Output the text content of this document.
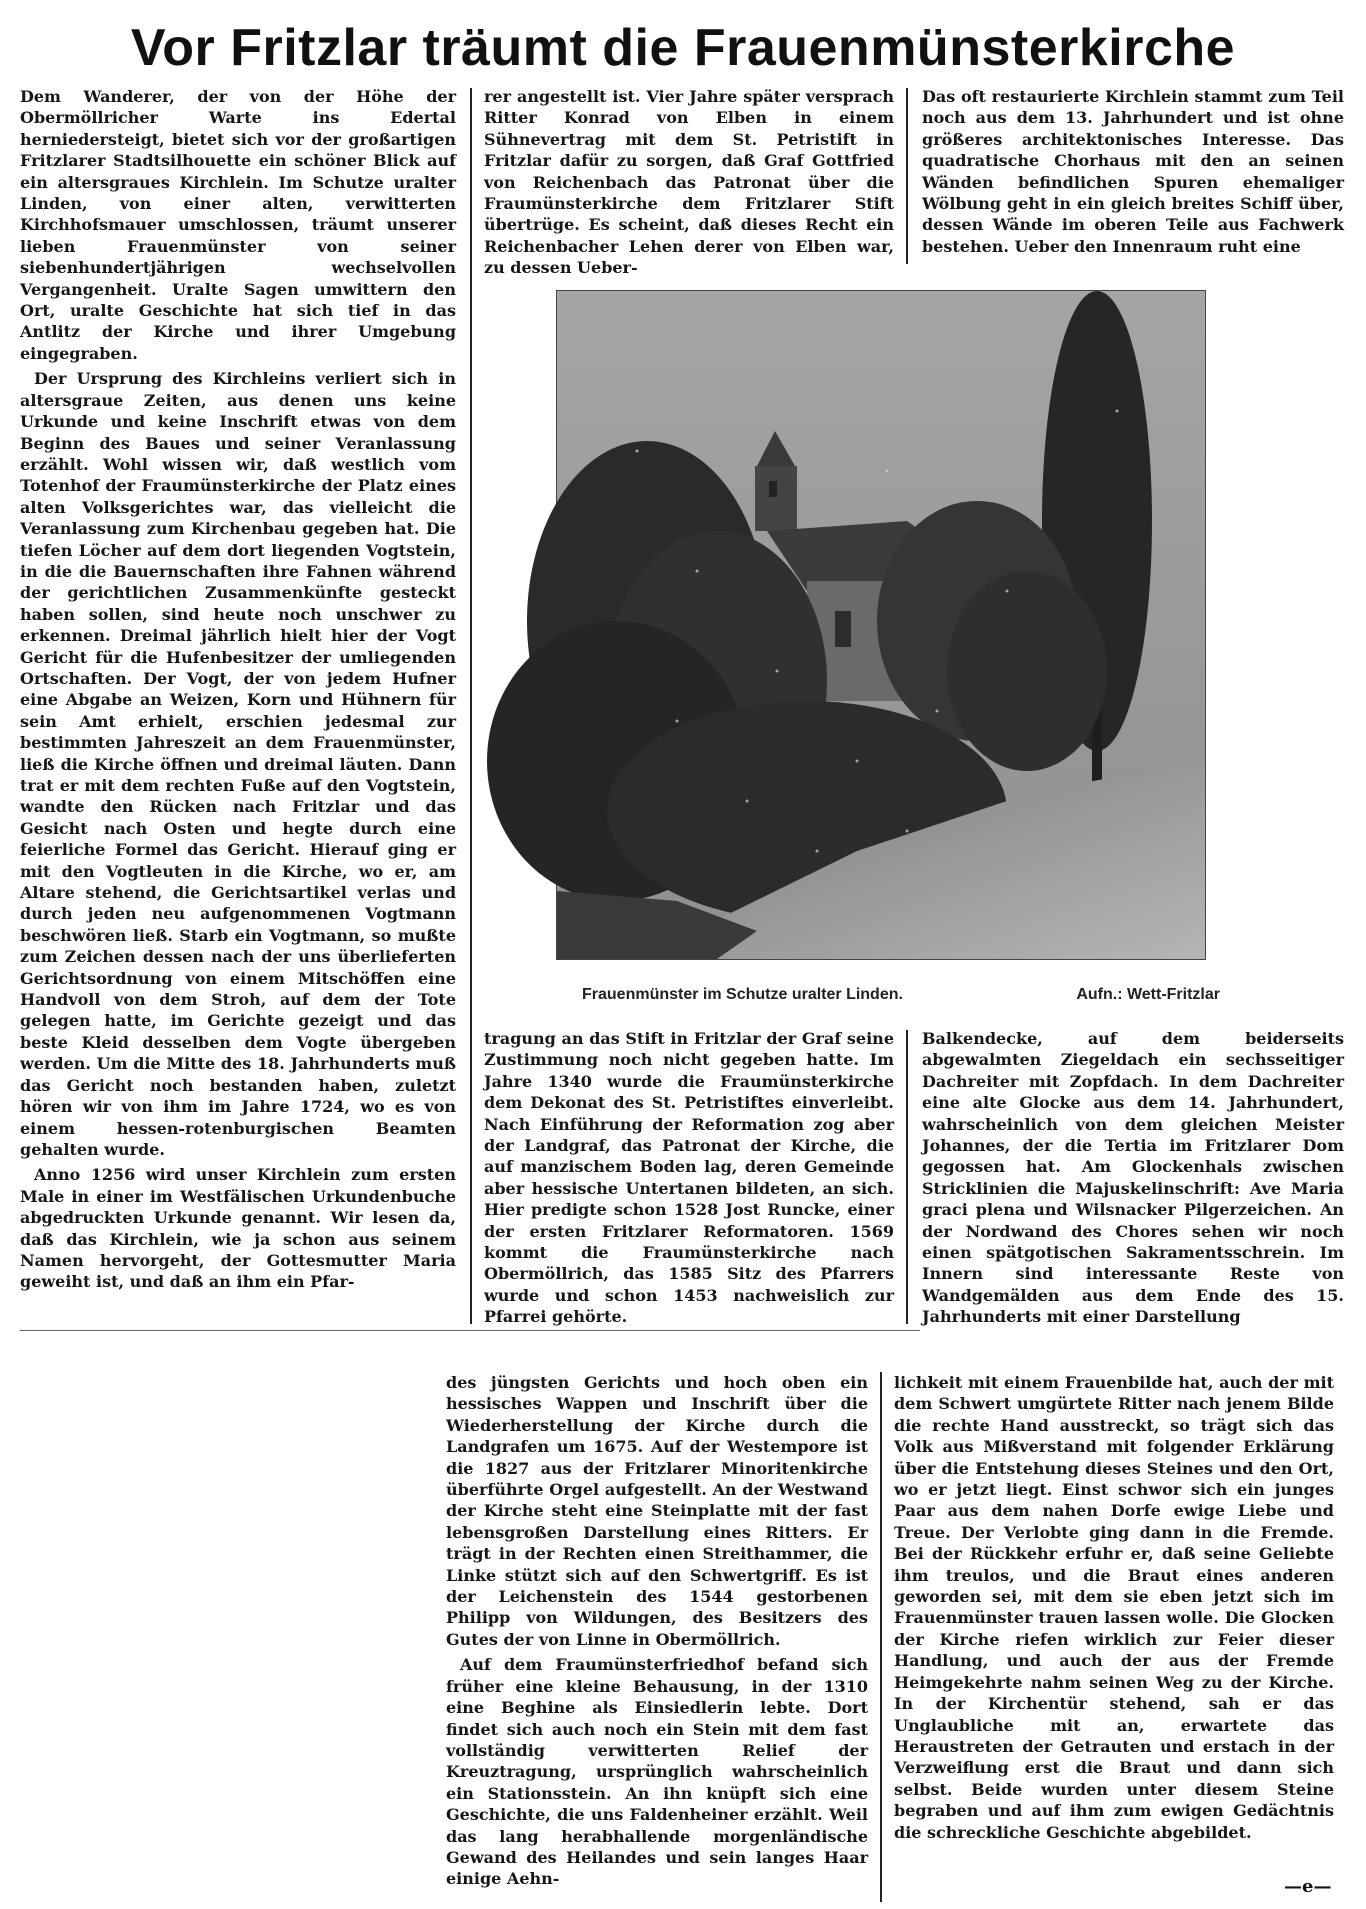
Vor Fritzlar träumt die Frauenmünsterkirche

Dem Wanderer, der von der Höhe der Obermöllricher Warte ins Edertal herniedersteigt, bietet sich vor der großartigen Fritzlarer Stadtsilhouette ein schöner Blick auf ein altersgraues Kirchlein. Im Schutze uralter Linden, von einer alten, verwitterten Kirchhofsmauer umschlossen, träumt unserer lieben Frauenmünster von seiner siebenhundertjährigen wechselvollen Vergangenheit. Uralte Sagen umwittern den Ort, uralte Geschichte hat sich tief in das Antlitz der Kirche und ihrer Umgebung eingegraben.

Der Ursprung des Kirchleins verliert sich in altersgraue Zeiten, aus denen uns keine Urkunde und keine Inschrift etwas von dem Beginn des Baues und seiner Veranlassung erzählt. Wohl wissen wir, daß westlich vom Totenhof der Fraumünsterkirche der Platz eines alten Volksgerichtes war, das vielleicht die Veranlassung zum Kirchenbau gegeben hat. Die tiefen Löcher auf dem dort liegenden Vogtstein, in die die Bauernschaften ihre Fahnen während der gerichtlichen Zusammenkünfte gesteckt haben sollen, sind heute noch unschwer zu erkennen. Dreimal jährlich hielt hier der Vogt Gericht für die Hufenbesitzer der umliegenden Ortschaften. Der Vogt, der von jedem Hufner eine Abgabe an Weizen, Korn und Hühnern für sein Amt erhielt, erschien jedesmal zur bestimmten Jahreszeit an dem Frauenmünster, ließ die Kirche öffnen und dreimal läuten. Dann trat er mit dem rechten Fuße auf den Vogtstein, wandte den Rücken nach Fritzlar und das Gesicht nach Osten und hegte durch eine feierliche Formel das Gericht. Hierauf ging er mit den Vogtleuten in die Kirche, wo er, am Altare stehend, die Gerichtsartikel verlas und durch jeden neu aufgenommenen Vogtmann beschwören ließ. Starb ein Vogtmann, so mußte zum Zeichen dessen nach der uns überlieferten Gerichtsordnung von einem Mitschöffen eine Handvoll von dem Stroh, auf dem der Tote gelegen hatte, im Gerichte gezeigt und das beste Kleid desselben dem Vogte übergeben werden. Um die Mitte des 18. Jahrhunderts muß das Gericht noch bestanden haben, zuletzt hören wir von ihm im Jahre 1724, wo es von einem hessen-rotenburgischen Beamten gehalten wurde.

Anno 1256 wird unser Kirchlein zum ersten Male in einer im Westfälischen Urkundenbuche abgedruckten Urkunde genannt. Wir lesen da, daß das Kirchlein, wie ja schon aus seinem Namen hervorgeht, der Gottesmutter Maria geweiht ist, und daß an ihm ein Pfar-

rer angestellt ist. Vier Jahre später versprach Ritter Konrad von Elben in einem Sühnevertrag mit dem St. Petristift in Fritzlar dafür zu sorgen, daß Graf Gottfried von Reichenbach das Patronat über die Fraumünsterkirche dem Fritzlarer Stift übertrüge. Es scheint, daß dieses Recht ein Reichenbacher Lehen derer von Elben war, zu dessen Ueber-

Das oft restaurierte Kirchlein stammt zum Teil noch aus dem 13. Jahrhundert und ist ohne größeres architektonisches Interesse. Das quadratische Chorhaus mit den an seinen Wänden befindlichen Spuren ehemaliger Wölbung geht in ein gleich breites Schiff über, dessen Wände im oberen Teile aus Fachwerk bestehen. Ueber den Innenraum ruht eine

Frauenmünster im Schutze uralter Linden.	Aufn.: Wett-Fritzlar

tragung an das Stift in Fritzlar der Graf seine Zustimmung noch nicht gegeben hatte. Im Jahre 1340 wurde die Fraumünsterkirche dem Dekonat des St. Petristiftes einverleibt. Nach Einführung der Reformation zog aber der Landgraf, das Patronat der Kirche, die auf manzischem Boden lag, deren Gemeinde aber hessische Untertanen bildeten, an sich. Hier predigte schon 1528 Jost Runcke, einer der ersten Fritzlarer Reformatoren. 1569 kommt die Fraumünsterkirche nach Obermöllrich, das 1585 Sitz des Pfarrers wurde und schon 1453 nachweislich zur Pfarrei gehörte.

Balkendecke, auf dem beiderseits abgewalmten Ziegeldach ein sechsseitiger Dachreiter mit Zopfdach. In dem Dachreiter eine alte Glocke aus dem 14. Jahrhundert, wahrscheinlich von dem gleichen Meister Johannes, der die Tertia im Fritzlarer Dom gegossen hat. Am Glockenhals zwischen Stricklinien die Majuskelinschrift: Ave Maria graci plena und Wilsnacker Pilgerzeichen. An der Nordwand des Chores sehen wir noch einen spätgotischen Sakramentsschrein. Im Innern sind interessante Reste von Wandgemälden aus dem Ende des 15. Jahrhunderts mit einer Darstellung

des jüngsten Gerichts und hoch oben ein hessisches Wappen und Inschrift über die Wiederherstellung der Kirche durch die Landgrafen um 1675. Auf der Westempore ist die 1827 aus der Fritzlarer Minoritenkirche überführte Orgel aufgestellt. An der Westwand der Kirche steht eine Steinplatte mit der fast lebensgroßen Darstellung eines Ritters. Er trägt in der Rechten einen Streithammer, die Linke stützt sich auf den Schwertgriff. Es ist der Leichenstein des 1544 gestorbenen Philipp von Wildungen, des Besitzers des Gutes der von Linne in Obermöllrich.

Auf dem Fraumünsterfriedhof befand sich früher eine kleine Behausung, in der 1310 eine Beghine als Einsiedlerin lebte. Dort findet sich auch noch ein Stein mit dem fast vollständig verwitterten Relief der Kreuztragung, ursprünglich wahrscheinlich ein Stationsstein. An ihn knüpft sich eine Geschichte, die uns Faldenheiner erzählt. Weil das lang herabhallende morgenländische Gewand des Heilandes und sein langes Haar einige Aehn-

lichkeit mit einem Frauenbilde hat, auch der mit dem Schwert umgürtete Ritter nach jenem Bilde die rechte Hand ausstreckt, so trägt sich das Volk aus Mißverstand mit folgender Erklärung über die Entstehung dieses Steines und den Ort, wo er jetzt liegt. Einst schwor sich ein junges Paar aus dem nahen Dorfe ewige Liebe und Treue. Der Verlobte ging dann in die Fremde. Bei der Rückkehr erfuhr er, daß seine Geliebte ihm treulos, und die Braut eines anderen geworden sei, mit dem sie eben jetzt sich im Frauenmünster trauen lassen wolle. Die Glocken der Kirche riefen wirklich zur Feier dieser Handlung, und auch der aus der Fremde Heimgekehrte nahm seinen Weg zu der Kirche. In der Kirchentür stehend, sah er das Unglaubliche mit an, erwartete das Heraustreten der Getrauten und erstach in der Verzweiflung erst die Braut und dann sich selbst. Beide wurden unter diesem Steine begraben und auf ihm zum ewigen Gedächtnis die schreckliche Geschichte abgebildet.

—e—
